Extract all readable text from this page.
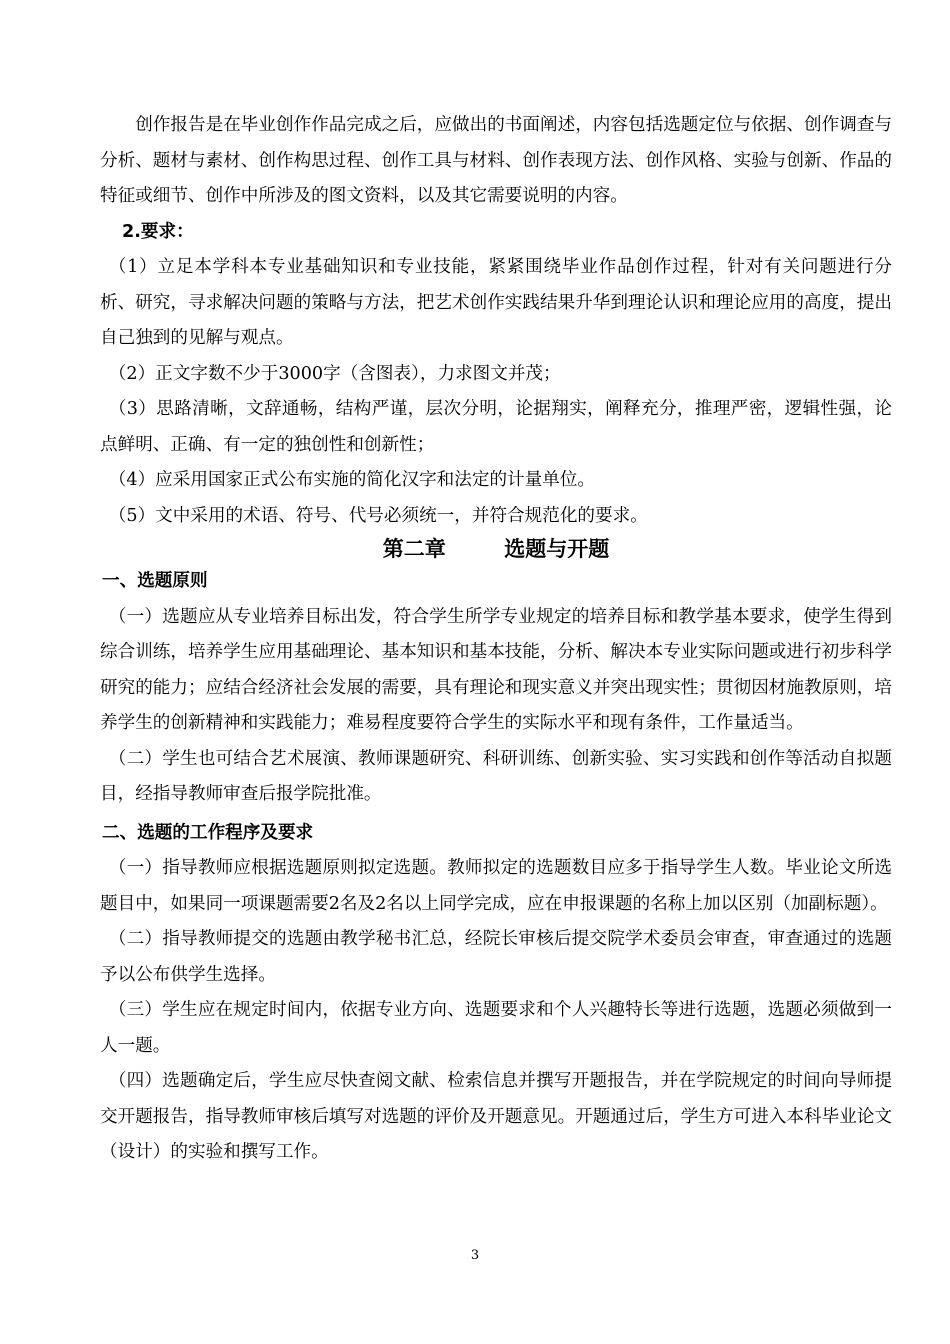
创作报告是在毕业创作作品完成之后，应做出的书面阐述，内容包括选题定位与依据、创作调查与分析、题材与素材、创作构思过程、创作工具与材料、创作表现方法、创作风格、实验与创新、作品的特征或细节、创作中所涉及的图文资料，以及其它需要说明的内容。

2.要求：

（1）立足本学科本专业基础知识和专业技能，紧紧围绕毕业作品创作过程，针对有关问题进行分析、研究，寻求解决问题的策略与方法，把艺术创作实践结果升华到理论认识和理论应用的高度，提出自己独到的见解与观点。

（2）正文字数不少于3000字（含图表），力求图文并茂；

（3）思路清晰，文辞通畅，结构严谨，层次分明，论据翔实，阐释充分，推理严密，逻辑性强，论点鲜明、正确、有一定的独创性和创新性；

（4）应采用国家正式公布实施的简化汉字和法定的计量单位。

（5）文中采用的术语、符号、代号必须统一，并符合规范化的要求。

第二章	选题与开题

一、选题原则

（一）选题应从专业培养目标出发，符合学生所学专业规定的培养目标和教学基本要求，使学生得到综合训练，培养学生应用基础理论、基本知识和基本技能，分析、解决本专业实际问题或进行初步科学研究的能力；应结合经济社会发展的需要，具有理论和现实意义并突出现实性；贯彻因材施教原则，培养学生的创新精神和实践能力；难易程度要符合学生的实际水平和现有条件，工作量适当。

（二）学生也可结合艺术展演、教师课题研究、科研训练、创新实验、实习实践和创作等活动自拟题目，经指导教师审查后报学院批准。

二、选题的工作程序及要求

（一）指导教师应根据选题原则拟定选题。教师拟定的选题数目应多于指导学生人数。毕业论文所选题目中，如果同一项课题需要2名及2名以上同学完成，应在申报课题的名称上加以区别（加副标题）。

（二）指导教师提交的选题由教学秘书汇总，经院长审核后提交院学术委员会审查，审查通过的选题予以公布供学生选择。

（三）学生应在规定时间内，依据专业方向、选题要求和个人兴趣特长等进行选题，选题必须做到一人一题。

（四）选题确定后，学生应尽快查阅文献、检索信息并撰写开题报告，并在学院规定的时间向导师提交开题报告，指导教师审核后填写对选题的评价及开题意见。开题通过后，学生方可进入本科毕业论文（设计）的实验和撰写工作。

3
